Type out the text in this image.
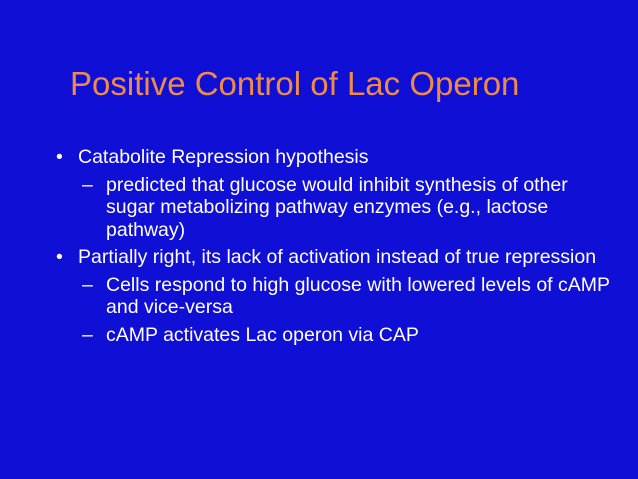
Positive Control of Lac Operon
• Catabolite Repression hypothesis
– predicted that glucose would inhibit synthesis of other sugar metabolizing pathway enzymes (e.g., lactose pathway)
• Partially right, its lack of activation instead of true repression
– Cells respond to high glucose with lowered levels of cAMP and vice-versa
– cAMP activates Lac operon via CAP
